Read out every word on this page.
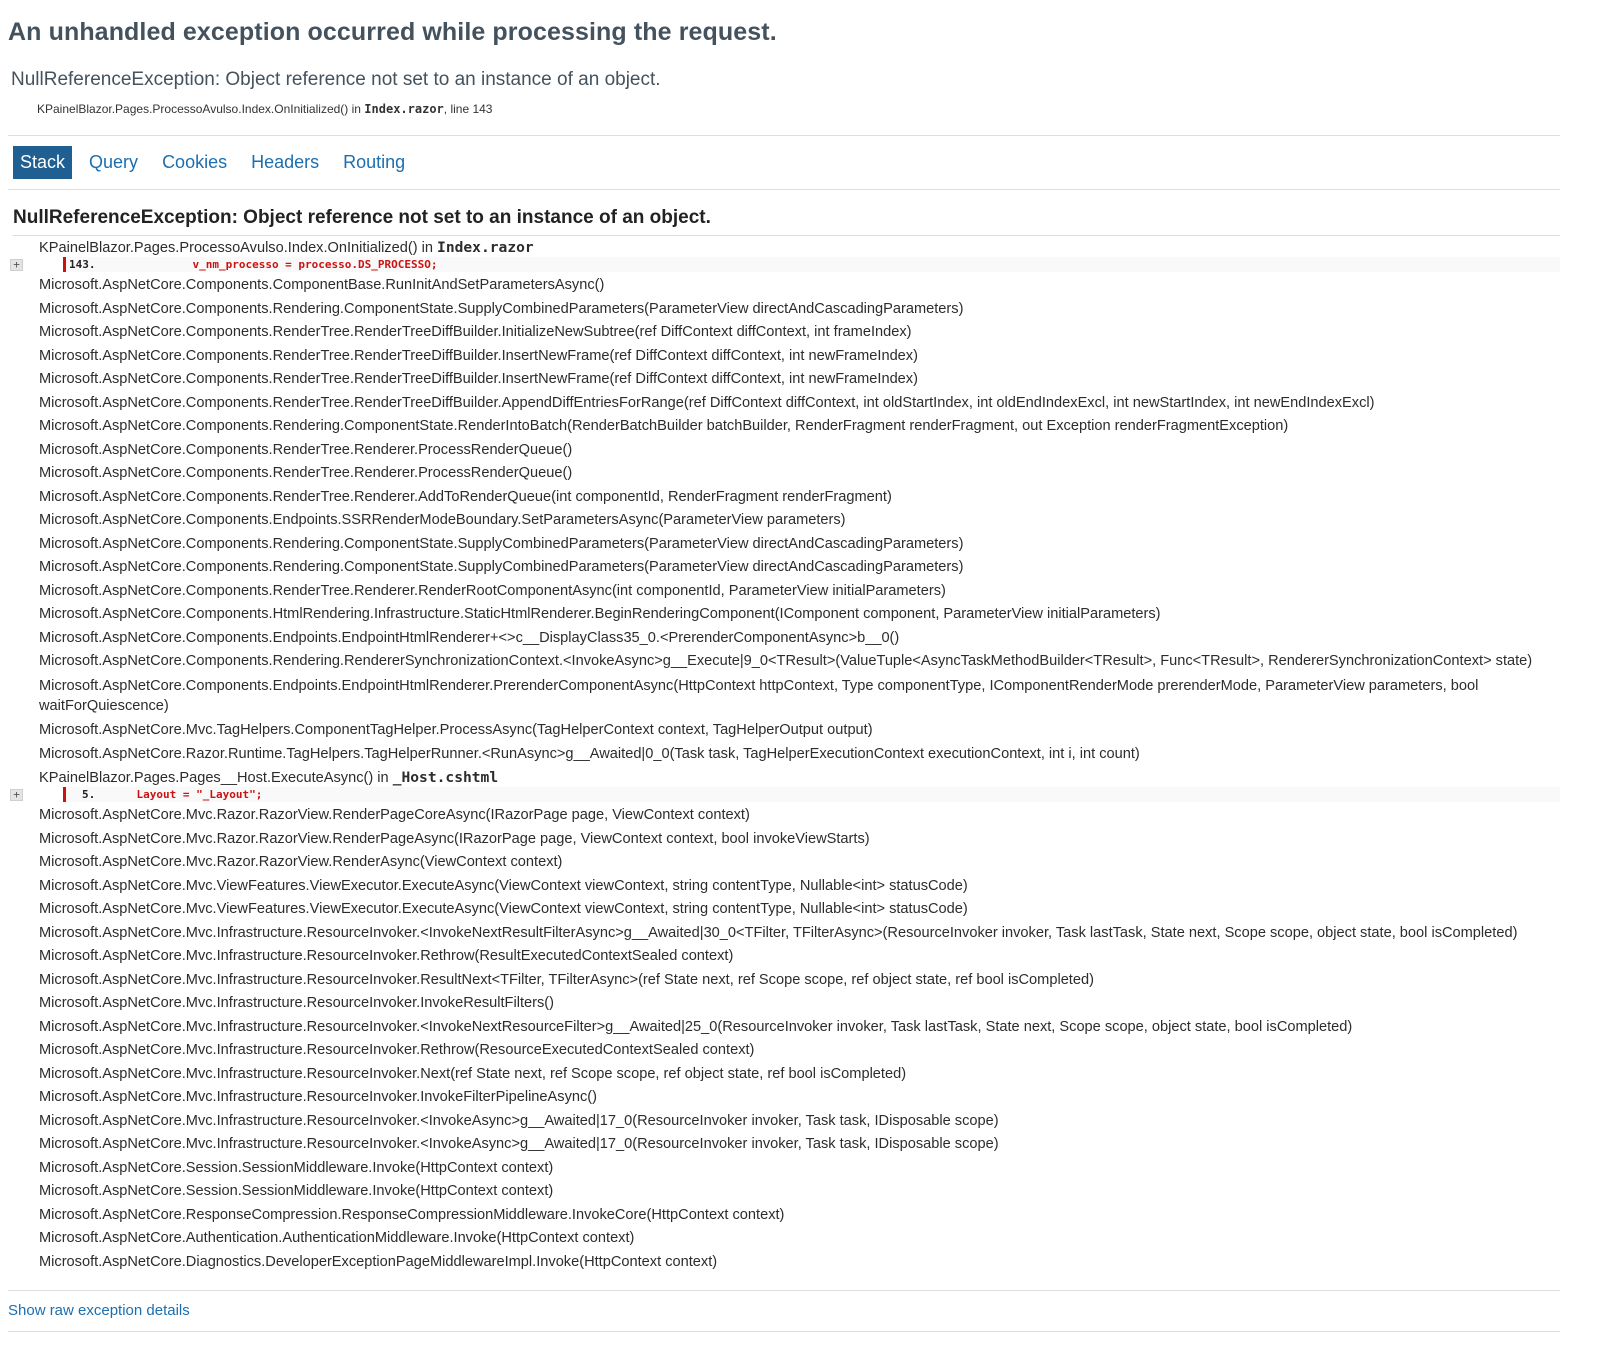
An unhandled exception occurred while processing the request.
NullReferenceException: Object reference not set to an instance of an object.
KPainelBlazor.Pages.ProcessoAvulso.Index.OnInitialized() in Index.razor, line 143
Stack	Query	Cookies	Headers	Routing
NullReferenceException: Object reference not set to an instance of an object.
KPainelBlazor.Pages.ProcessoAvulso.Index.OnInitialized() in Index.razor
+	143.            v_nm_processo = processo.DS_PROCESSO;
Microsoft.AspNetCore.Components.ComponentBase.RunInitAndSetParametersAsync()
Microsoft.AspNetCore.Components.Rendering.ComponentState.SupplyCombinedParameters(ParameterView directAndCascadingParameters)
Microsoft.AspNetCore.Components.RenderTree.RenderTreeDiffBuilder.InitializeNewSubtree(ref DiffContext diffContext, int frameIndex)
Microsoft.AspNetCore.Components.RenderTree.RenderTreeDiffBuilder.InsertNewFrame(ref DiffContext diffContext, int newFrameIndex)
Microsoft.AspNetCore.Components.RenderTree.RenderTreeDiffBuilder.InsertNewFrame(ref DiffContext diffContext, int newFrameIndex)
Microsoft.AspNetCore.Components.RenderTree.RenderTreeDiffBuilder.AppendDiffEntriesForRange(ref DiffContext diffContext, int oldStartIndex, int oldEndIndexExcl, int newStartIndex, int newEndIndexExcl)
Microsoft.AspNetCore.Components.Rendering.ComponentState.RenderIntoBatch(RenderBatchBuilder batchBuilder, RenderFragment renderFragment, out Exception renderFragmentException)
Microsoft.AspNetCore.Components.RenderTree.Renderer.ProcessRenderQueue()
Microsoft.AspNetCore.Components.RenderTree.Renderer.ProcessRenderQueue()
Microsoft.AspNetCore.Components.RenderTree.Renderer.AddToRenderQueue(int componentId, RenderFragment renderFragment)
Microsoft.AspNetCore.Components.Endpoints.SSRRenderModeBoundary.SetParametersAsync(ParameterView parameters)
Microsoft.AspNetCore.Components.Rendering.ComponentState.SupplyCombinedParameters(ParameterView directAndCascadingParameters)
Microsoft.AspNetCore.Components.Rendering.ComponentState.SupplyCombinedParameters(ParameterView directAndCascadingParameters)
Microsoft.AspNetCore.Components.RenderTree.Renderer.RenderRootComponentAsync(int componentId, ParameterView initialParameters)
Microsoft.AspNetCore.Components.HtmlRendering.Infrastructure.StaticHtmlRenderer.BeginRenderingComponent(IComponent component, ParameterView initialParameters)
Microsoft.AspNetCore.Components.Endpoints.EndpointHtmlRenderer+<>c__DisplayClass35_0.<PrerenderComponentAsync>b__0()
Microsoft.AspNetCore.Components.Rendering.RendererSynchronizationContext.<InvokeAsync>g__Execute|9_0<TResult>(ValueTuple<AsyncTaskMethodBuilder<TResult>, Func<TResult>, RendererSynchronizationContext> state)
Microsoft.AspNetCore.Components.Endpoints.EndpointHtmlRenderer.PrerenderComponentAsync(HttpContext httpContext, Type componentType, IComponentRenderMode prerenderMode, ParameterView parameters, bool waitForQuiescence)
Microsoft.AspNetCore.Mvc.TagHelpers.ComponentTagHelper.ProcessAsync(TagHelperContext context, TagHelperOutput output)
Microsoft.AspNetCore.Razor.Runtime.TagHelpers.TagHelperRunner.<RunAsync>g__Awaited|0_0(Task task, TagHelperExecutionContext executionContext, int i, int count)
KPainelBlazor.Pages.Pages__Host.ExecuteAsync() in _Host.cshtml
+	5.    Layout = "_Layout";
Microsoft.AspNetCore.Mvc.Razor.RazorView.RenderPageCoreAsync(IRazorPage page, ViewContext context)
Microsoft.AspNetCore.Mvc.Razor.RazorView.RenderPageAsync(IRazorPage page, ViewContext context, bool invokeViewStarts)
Microsoft.AspNetCore.Mvc.Razor.RazorView.RenderAsync(ViewContext context)
Microsoft.AspNetCore.Mvc.ViewFeatures.ViewExecutor.ExecuteAsync(ViewContext viewContext, string contentType, Nullable<int> statusCode)
Microsoft.AspNetCore.Mvc.ViewFeatures.ViewExecutor.ExecuteAsync(ViewContext viewContext, string contentType, Nullable<int> statusCode)
Microsoft.AspNetCore.Mvc.Infrastructure.ResourceInvoker.<InvokeNextResultFilterAsync>g__Awaited|30_0<TFilter, TFilterAsync>(ResourceInvoker invoker, Task lastTask, State next, Scope scope, object state, bool isCompleted)
Microsoft.AspNetCore.Mvc.Infrastructure.ResourceInvoker.Rethrow(ResultExecutedContextSealed context)
Microsoft.AspNetCore.Mvc.Infrastructure.ResourceInvoker.ResultNext<TFilter, TFilterAsync>(ref State next, ref Scope scope, ref object state, ref bool isCompleted)
Microsoft.AspNetCore.Mvc.Infrastructure.ResourceInvoker.InvokeResultFilters()
Microsoft.AspNetCore.Mvc.Infrastructure.ResourceInvoker.<InvokeNextResourceFilter>g__Awaited|25_0(ResourceInvoker invoker, Task lastTask, State next, Scope scope, object state, bool isCompleted)
Microsoft.AspNetCore.Mvc.Infrastructure.ResourceInvoker.Rethrow(ResourceExecutedContextSealed context)
Microsoft.AspNetCore.Mvc.Infrastructure.ResourceInvoker.Next(ref State next, ref Scope scope, ref object state, ref bool isCompleted)
Microsoft.AspNetCore.Mvc.Infrastructure.ResourceInvoker.InvokeFilterPipelineAsync()
Microsoft.AspNetCore.Mvc.Infrastructure.ResourceInvoker.<InvokeAsync>g__Awaited|17_0(ResourceInvoker invoker, Task task, IDisposable scope)
Microsoft.AspNetCore.Mvc.Infrastructure.ResourceInvoker.<InvokeAsync>g__Awaited|17_0(ResourceInvoker invoker, Task task, IDisposable scope)
Microsoft.AspNetCore.Session.SessionMiddleware.Invoke(HttpContext context)
Microsoft.AspNetCore.Session.SessionMiddleware.Invoke(HttpContext context)
Microsoft.AspNetCore.ResponseCompression.ResponseCompressionMiddleware.InvokeCore(HttpContext context)
Microsoft.AspNetCore.Authentication.AuthenticationMiddleware.Invoke(HttpContext context)
Microsoft.AspNetCore.Diagnostics.DeveloperExceptionPageMiddlewareImpl.Invoke(HttpContext context)
Show raw exception details
